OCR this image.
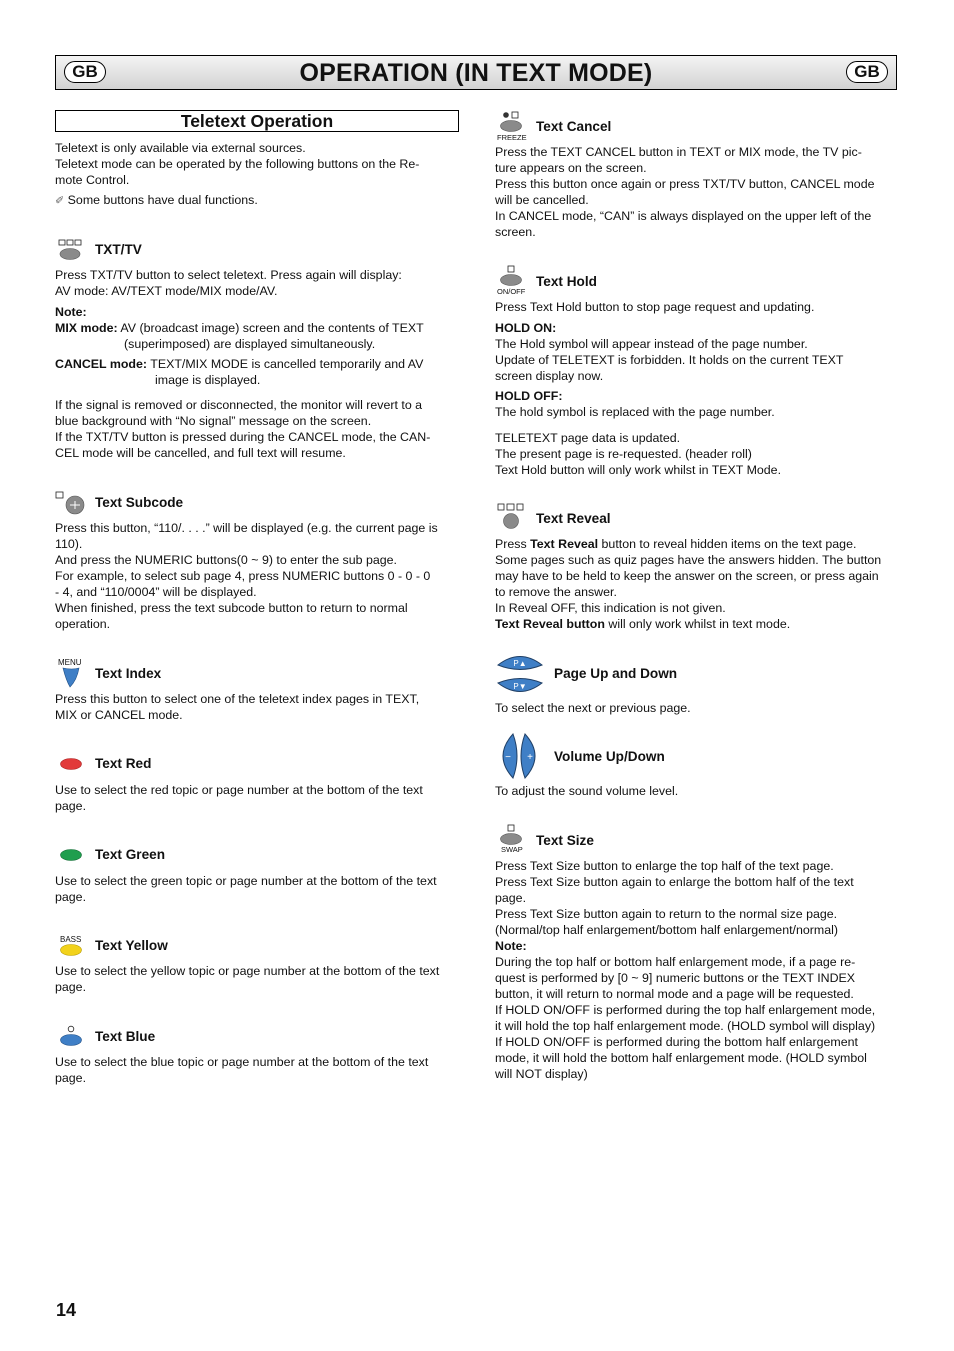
GB	OPERATION (IN TEXT MODE)	GB
Teletext Operation
Teletext is only available via external sources.
Teletext mode can be operated by the following buttons on the Re-
mote Control.
✐ Some buttons have dual functions.
TXT/TV
Press TXT/TV button to select teletext. Press again will display:
AV mode: AV/TEXT mode/MIX mode/AV.
Note:
MIX mode: AV (broadcast image) screen and the contents of TEXT
(superimposed) are displayed simultaneously.
CANCEL mode: TEXT/MIX MODE is cancelled temporarily and AV
image is displayed.
If the signal is removed or disconnected, the monitor will revert to a
blue background with “No signal” message on the screen.
If the TXT/TV button is pressed during the CANCEL mode, the CAN-
CEL mode will be cancelled, and full text will resume.
Text Subcode
Press this button, “110/. . . .” will be displayed (e.g. the current page is
110).
And press the NUMERIC buttons(0 ~ 9) to enter the sub page.
For example, to select sub page 4, press NUMERIC buttons 0 - 0 - 0
- 4, and “110/0004” will be displayed.
When finished, press the text subcode button to return to normal
operation.
MENU
Text Index
Press this button to select one of the teletext index pages in TEXT,
MIX or CANCEL mode.
Text Red
Use to select the red topic or page number at the bottom of the text
page.
Text Green
Use to select the green topic or page number at the bottom of the text
page.
BASS Text Yellow
Use to select the yellow topic or page number at the bottom of the text
page.
Text Blue
Use to select the blue topic or page number at the bottom of the text
page.
FREEZE
Text Cancel
Press the TEXT CANCEL button in TEXT or MIX mode, the TV pic-
ture appears on the screen.
Press this button once again or press TXT/TV button, CANCEL mode
will be cancelled.
In CANCEL mode, “CAN” is always displayed on the upper left of the
screen.
ON/OFF
Text Hold
Press Text Hold button to stop page request and updating.
HOLD ON:
The Hold symbol will appear instead of the page number.
Update of TELETEXT is forbidden. It holds on the current TEXT
screen display now.
HOLD OFF:
The hold symbol is replaced with the page number.
TELETEXT page data is updated.
The present page is re-requested. (header roll)
Text Hold button will only work whilst in TEXT Mode.
Text Reveal
Press Text Reveal button to reveal hidden items on the text page.
Some pages such as quiz pages have the answers hidden. The button
may have to be held to keep the answer on the screen, or press again
to remove the answer.
In Reveal OFF, this indication is not given.
Text Reveal button will only work whilst in text mode.
P▲
P▼
Page Up and Down
To select the next or previous page.
− + Volume Up/Down
To adjust the sound volume level.
SWAP
Text Size
Press Text Size button to enlarge the top half of the text page.
Press Text Size button again to enlarge the bottom half of the text
page.
Press Text Size button again to return to the normal size page.
(Normal/top half enlargement/bottom half enlargement/normal)
Note:
During the top half or bottom half enlargement mode, if a page re-
quest is performed by [0 ~ 9] numeric buttons or the TEXT INDEX
button, it will return to normal mode and a page will be requested.
If HOLD ON/OFF is performed during the top half enlargement mode,
it will hold the top half enlargement mode. (HOLD symbol will display)
If HOLD ON/OFF is performed during the bottom half enlargement
mode, it will hold the bottom half enlargement mode. (HOLD symbol
will NOT display)
14
